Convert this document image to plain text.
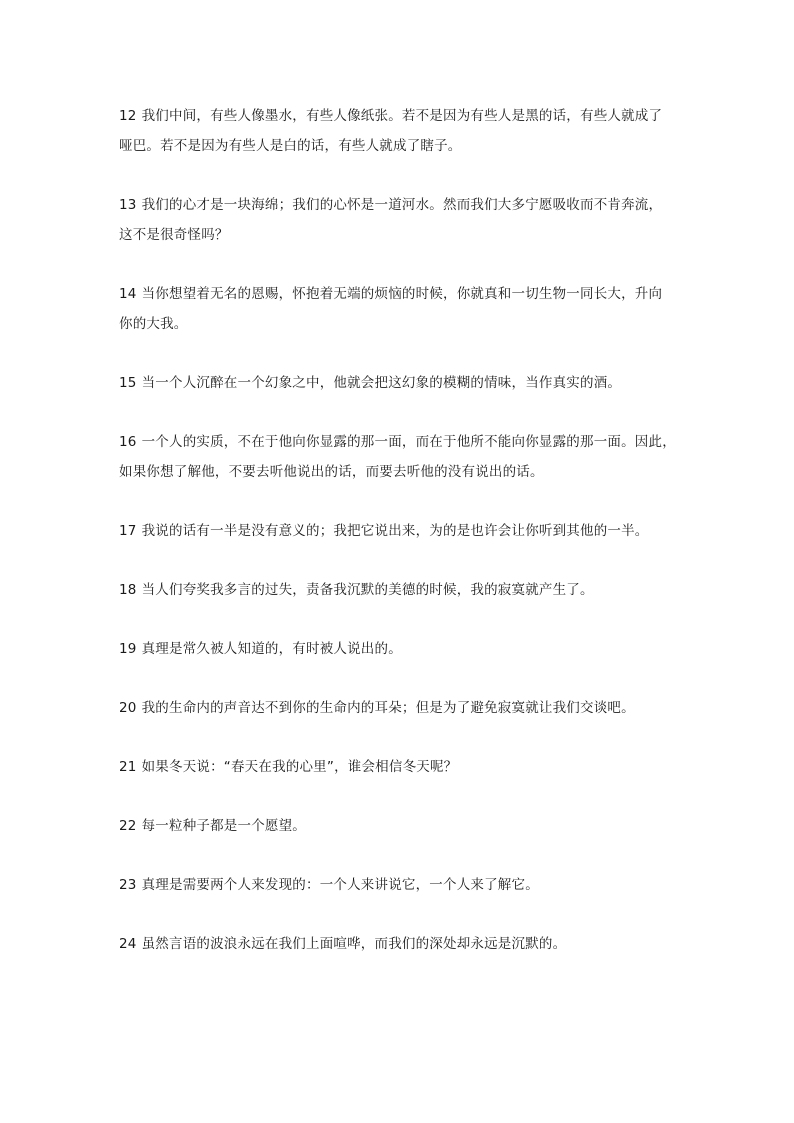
12 我们中间，有些人像墨水，有些人像纸张。若不是因为有些人是黑的话，有些人就成了
哑巴。若不是因为有些人是白的话，有些人就成了瞎子。

13 我们的心才是一块海绵；我们的心怀是一道河水。然而我们大多宁愿吸收而不肯奔流，
这不是很奇怪吗？

14 当你想望着无名的恩赐，怀抱着无端的烦恼的时候，你就真和一切生物一同长大，升向
你的大我。

15 当一个人沉醉在一个幻象之中，他就会把这幻象的模糊的情味，当作真实的酒。

16 一个人的实质，不在于他向你显露的那一面，而在于他所不能向你显露的那一面。因此，
如果你想了解他，不要去听他说出的话，而要去听他的没有说出的话。

17 我说的话有一半是没有意义的；我把它说出来，为的是也许会让你听到其他的一半。

18 当人们夸奖我多言的过失，责备我沉默的美德的时候，我的寂寞就产生了。

19 真理是常久被人知道的，有时被人说出的。

20 我的生命内的声音达不到你的生命内的耳朵；但是为了避免寂寞就让我们交谈吧。

21 如果冬天说：“春天在我的心里”，谁会相信冬天呢？

22 每一粒种子都是一个愿望。

23 真理是需要两个人来发现的：一个人来讲说它，一个人来了解它。

24 虽然言语的波浪永远在我们上面喧哗，而我们的深处却永远是沉默的。
